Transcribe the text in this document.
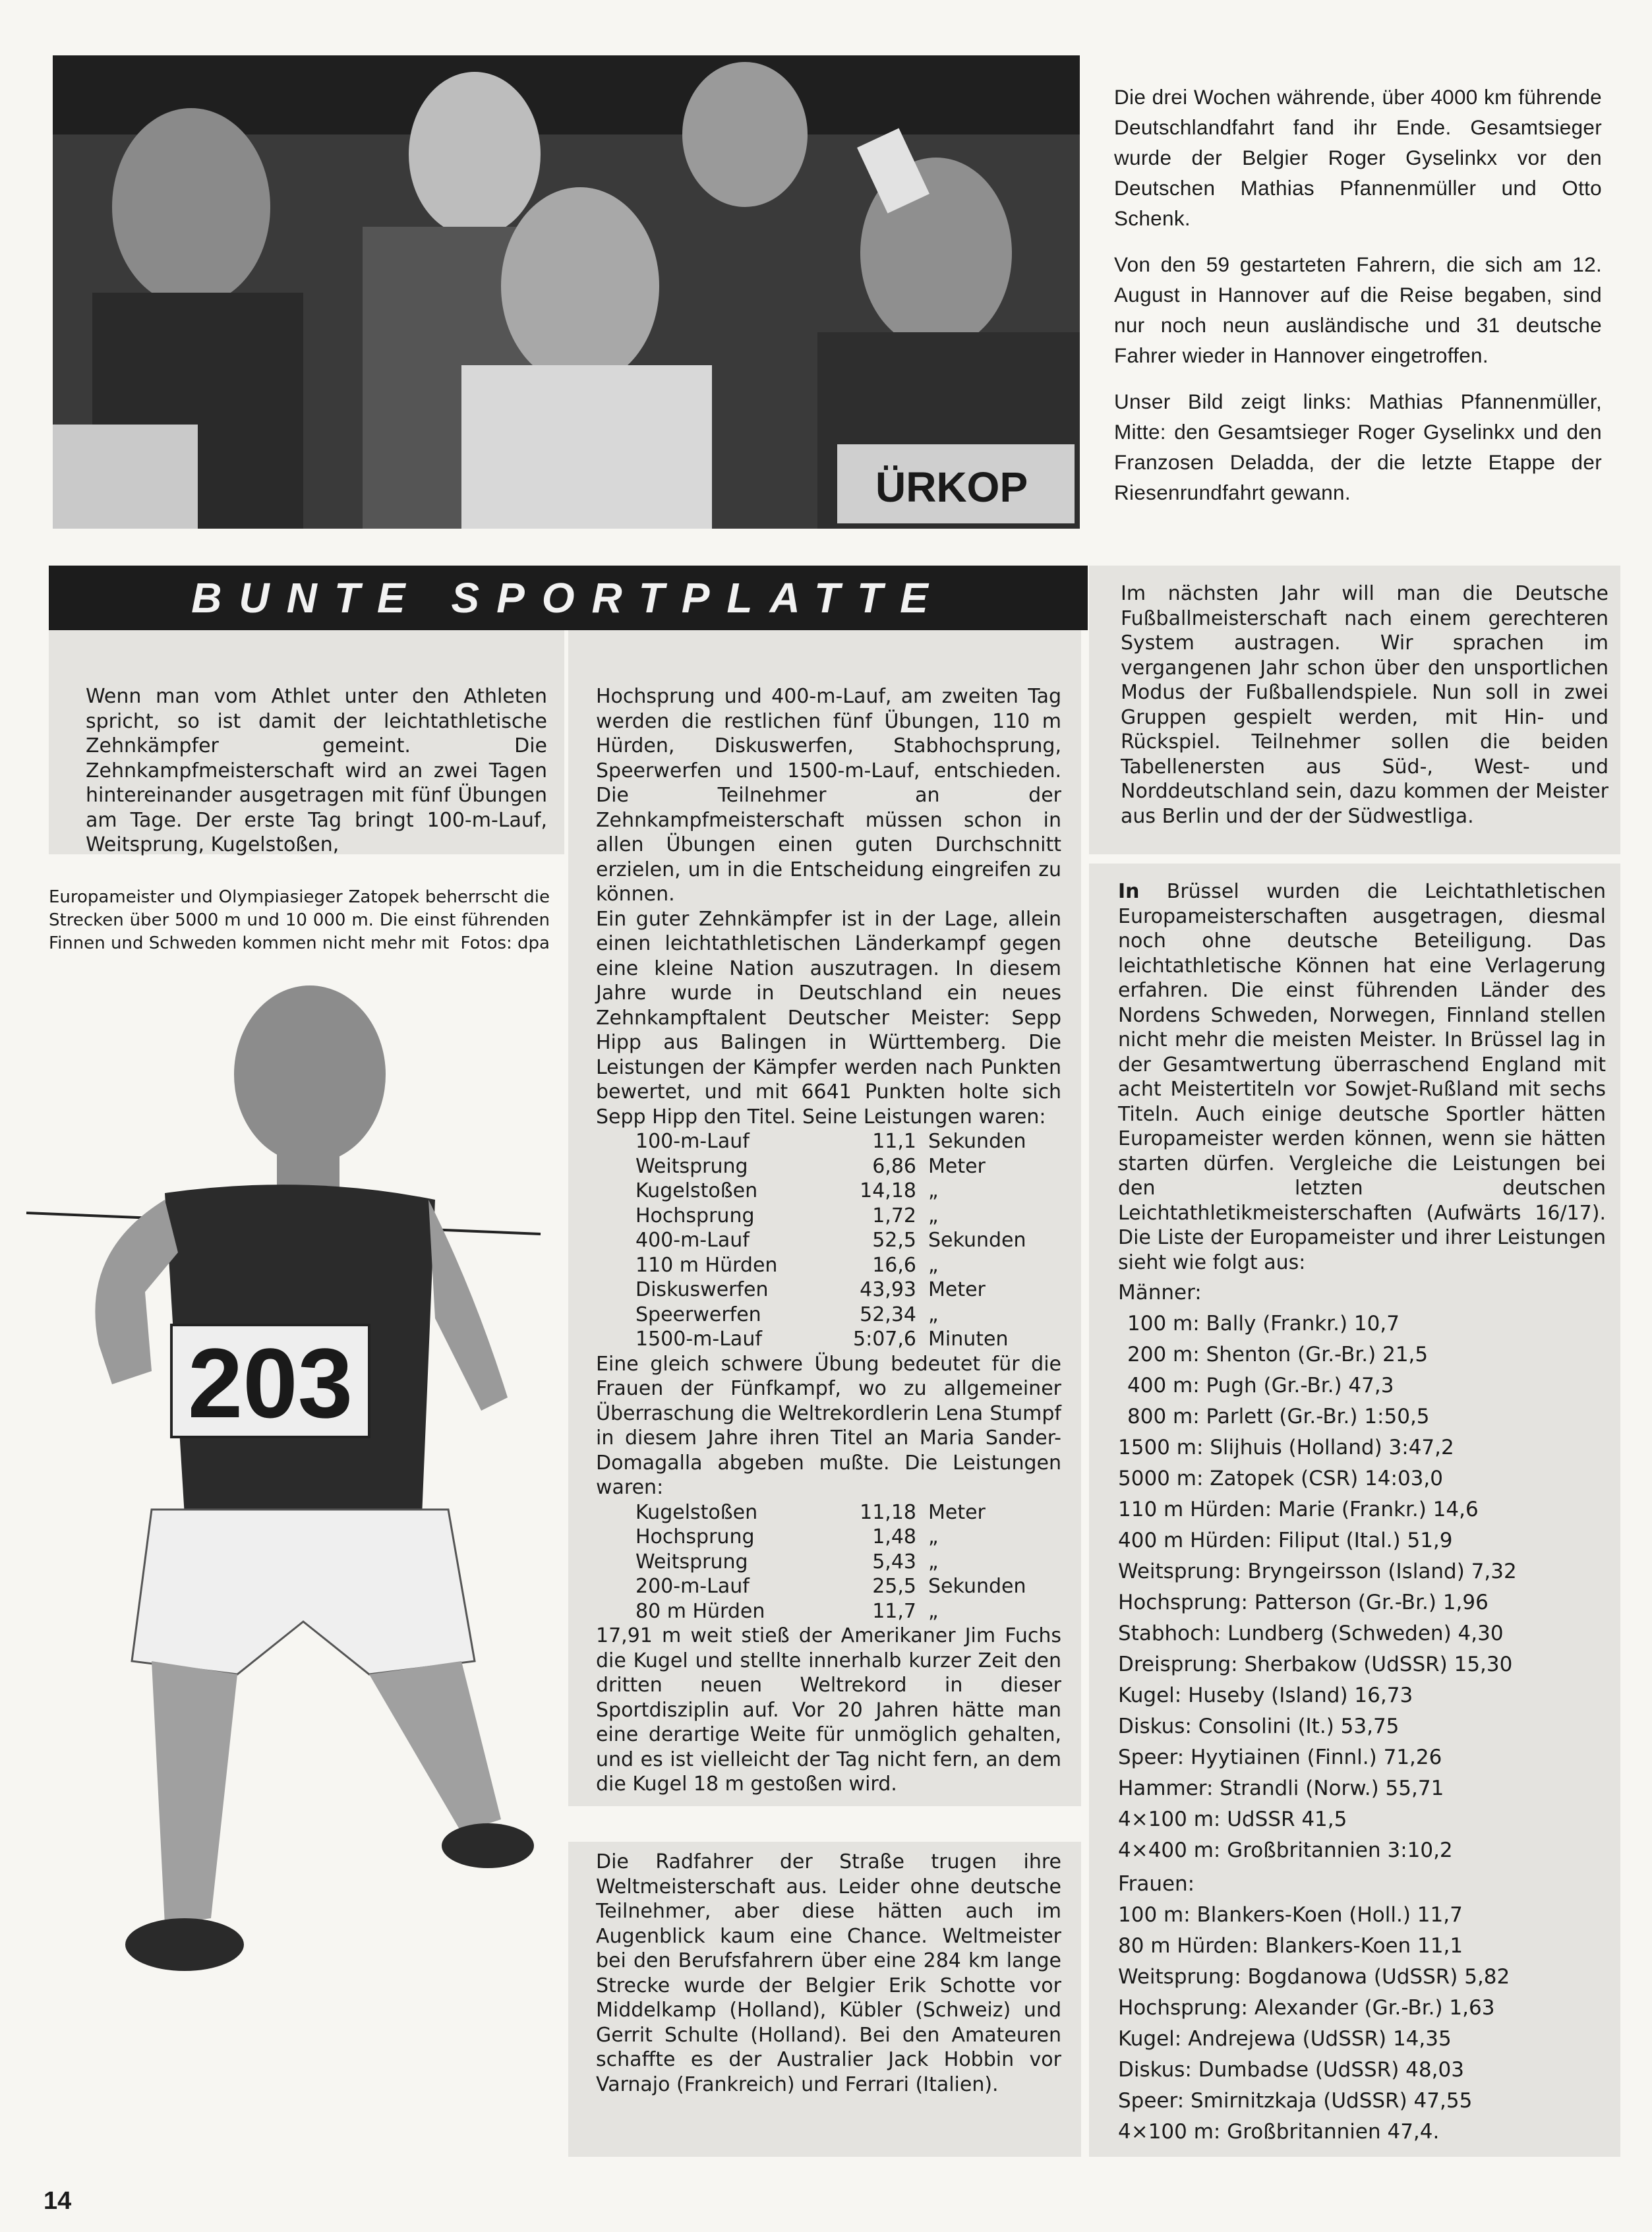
ÜRKOP

Die drei Wochen währende, über 4000 km führende Deutschlandfahrt fand ihr Ende. Gesamtsieger wurde der Belgier Roger Gyselinkx vor den Deutschen Mathias Pfannenmüller und Otto Schenk.

Von den 59 gestarteten Fahrern, die sich am 12. August in Hannover auf die Reise begaben, sind nur noch neun ausländische und 31 deutsche Fahrer wieder in Hannover eingetroffen.

Unser Bild zeigt links: Mathias Pfannenmüller, Mitte: den Gesamtsieger Roger Gyselinkx und den Franzosen Deladda, der die letzte Etappe der Riesenrundfahrt gewann.

BUNTE SPORTPLATTE

Wenn man vom Athlet unter den Athleten spricht, so ist damit der leichtathletische Zehnkämpfer gemeint. Die Zehnkampfmeisterschaft wird an zwei Tagen hintereinander ausgetragen mit fünf Übungen am Tage. Der erste Tag bringt 100-m-Lauf, Weitsprung, Kugelstoßen,

Europameister und Olympiasieger Zatopek beherrscht die Strecken über 5000 m und 10 000 m. Die einst führenden Finnen und Schweden kommen nicht mehr mit Fotos: dpa
203

Hochsprung und 400-m-Lauf, am zweiten Tag werden die restlichen fünf Übungen, 110 m Hürden, Diskuswerfen, Stabhochsprung, Speerwerfen und 1500-m-Lauf, entschieden. Die Teilnehmer an der Zehnkampfmeisterschaft müssen schon in allen Übungen einen guten Durchschnitt erzielen, um in die Entscheidung eingreifen zu können.

Ein guter Zehnkämpfer ist in der Lage, allein einen leichtathletischen Länderkampf gegen eine kleine Nation auszutragen. In diesem Jahre wurde in Deutschland ein neues Zehnkampftalent Deutscher Meister: Sepp Hipp aus Balingen in Württemberg. Die Leistungen der Kämpfer werden nach Punkten bewertet, und mit 6641 Punkten holte sich Sepp Hipp den Titel. Seine Leistungen waren:

100-m-Lauf	11,1 Sekunden
Weitsprung	6,86 Meter
Kugelstoßen	14,18 „
Hochsprung	1,72 „
400-m-Lauf	52,5 Sekunden
110 m Hürden	16,6 „
Diskuswerfen	43,93 Meter
Speerwerfen	52,34 „
1500-m-Lauf	5:07,6 Minuten

Eine gleich schwere Übung bedeutet für die Frauen der Fünfkampf, wo zu allgemeiner Überraschung die Weltrekordlerin Lena Stumpf in diesem Jahre ihren Titel an Maria Sander-Domagalla abgeben mußte. Die Leistungen waren:

Kugelstoßen	11,18 Meter
Hochsprung	1,48 „
Weitsprung	5,43 „
200-m-Lauf	25,5 Sekunden
80 m Hürden	11,7 „

17,91 m weit stieß der Amerikaner Jim Fuchs die Kugel und stellte innerhalb kurzer Zeit den dritten neuen Weltrekord in dieser Sportdisziplin auf. Vor 20 Jahren hätte man eine derartige Weite für unmöglich gehalten, und es ist vielleicht der Tag nicht fern, an dem die Kugel 18 m gestoßen wird.

Die Radfahrer der Straße trugen ihre Weltmeisterschaft aus. Leider ohne deutsche Teilnehmer, aber diese hätten auch im Augenblick kaum eine Chance. Weltmeister bei den Berufsfahrern über eine 284 km lange Strecke wurde der Belgier Erik Schotte vor Middelkamp (Holland), Kübler (Schweiz) und Gerrit Schulte (Holland). Bei den Amateuren schaffte es der Australier Jack Hobbin vor Varnajo (Frankreich) und Ferrari (Italien).

Im nächsten Jahr will man die Deutsche Fußballmeisterschaft nach einem gerechteren System austragen. Wir sprachen im vergangenen Jahr schon über den unsportlichen Modus der Fußballendspiele. Nun soll in zwei Gruppen gespielt werden, mit Hin- und Rückspiel. Teilnehmer sollen die beiden Tabellenersten aus Süd-, West- und Norddeutschland sein, dazu kommen der Meister aus Berlin und der der Südwestliga.

In Brüssel wurden die Leichtathletischen Europameisterschaften ausgetragen, diesmal noch ohne deutsche Beteiligung. Das leichtathletische Können hat eine Verlagerung erfahren. Die einst führenden Länder des Nordens Schweden, Norwegen, Finnland stellen nicht mehr die meisten Meister. In Brüssel lag in der Gesamtwertung überraschend England mit acht Meistertiteln vor Sowjet-Rußland mit sechs Titeln. Auch einige deutsche Sportler hätten Europameister werden können, wenn sie hätten starten dürfen. Vergleiche die Leistungen bei den letzten deutschen Leichtathletikmeisterschaften (Aufwärts 16/17). Die Liste der Europameister und ihrer Leistungen sieht wie folgt aus:

Männer:
100 m: Bally (Frankr.) 10,7
200 m: Shenton (Gr.-Br.) 21,5
400 m: Pugh (Gr.-Br.) 47,3
800 m: Parlett (Gr.-Br.) 1:50,5
1500 m: Slijhuis (Holland) 3:47,2
5000 m: Zatopek (CSR) 14:03,0
110 m Hürden: Marie (Frankr.) 14,6
400 m Hürden: Filiput (Ital.) 51,9
Weitsprung: Bryngeirsson (Island) 7,32
Hochsprung: Patterson (Gr.-Br.) 1,96
Stabhoch: Lundberg (Schweden) 4,30
Dreisprung: Sherbakow (UdSSR) 15,30
Kugel: Huseby (Island) 16,73
Diskus: Consolini (It.) 53,75
Speer: Hyytiainen (Finnl.) 71,26
Hammer: Strandli (Norw.) 55,71
4×100 m: UdSSR 41,5
4×400 m: Großbritannien 3:10,2
Frauen:
100 m: Blankers-Koen (Holl.) 11,7
80 m Hürden: Blankers-Koen 11,1
Weitsprung: Bogdanowa (UdSSR) 5,82
Hochsprung: Alexander (Gr.-Br.) 1,63
Kugel: Andrejewa (UdSSR) 14,35
Diskus: Dumbadse (UdSSR) 48,03
Speer: Smirnitzkaja (UdSSR) 47,55
4×100 m: Großbritannien 47,4.
14
